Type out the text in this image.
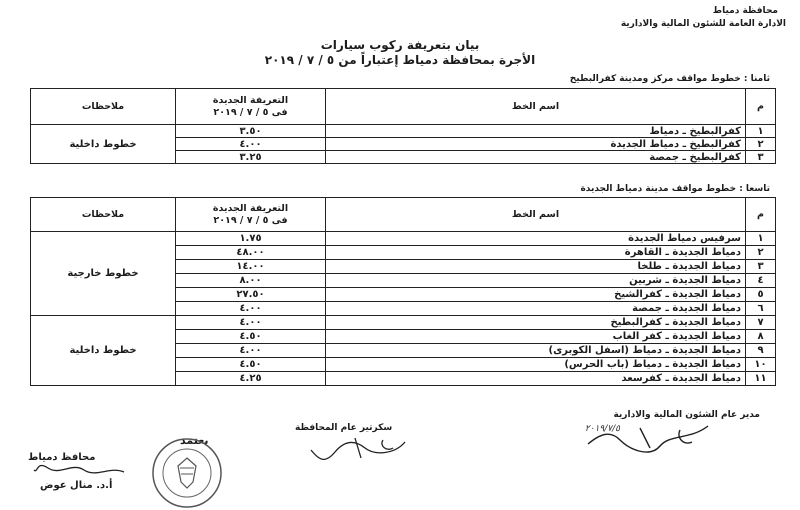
محافظة دمياط
الادارة العامة للشئون المالية والادارية
بيان بتعريفة ركوب سيارات
الأجرة بمحافظة دمياط إعتباراً من ٥ / ٧ / ٢٠١٩
ثامنا : خطوط مواقف مركز ومدينة كفرالبطيخ
م	اسم الخط	التعريفة الجديدة
فى ٥ / ٧ / ٢٠١٩	ملاحظات
١	كفرالبطيخ ـ دمياط	٣.٥٠	خطوط داخلية
٢	كفرالبطيخ ـ دمياط الجديدة	٤.٠٠	
٣	كفرالبطيخ ـ جمصة	٣.٢٥	
تاسعا : خطوط مواقف مدينة دمياط الجديدة
م	اسم الخط	التعريفة الجديدة
فى ٥ / ٧ / ٢٠١٩	ملاحظات
١	سرفيس دمياط الجديدة	١.٧٥	خطوط خارجية
٢	دمياط الجديدة ـ القاهرة	٤٨.٠٠	
٣	دمياط الجديدة ـ طلخا	١٤.٠٠	
٤	دمياط الجديدة ـ شربين	٨.٠٠	
٥	دمياط الجديدة ـ كفرالشيخ	٢٧.٥٠	
٦	دمياط الجديدة ـ جمصة	٤.٠٠	
٧	دمياط الجديدة ـ كفرالبطيخ	٤.٠٠	خطوط داخلية
٨	دمياط الجديدة ـ كفر الغاب	٤.٥٠	
٩	دمياط الجديدة ـ دمياط (اسفل الكوبرى)	٤.٠٠	
١٠	دمياط الجديدة ـ دمياط (باب الحرس)	٤.٥٠	
١١	دمياط الجديدة ـ كفرسعد	٤.٢٥	
مدير عام الشئون المالية والادارية
٢٠١٩/٧/٥
سكرتير عام المحافظة
يعتمد
محافظ دمياط
أ.د. منال عوض
